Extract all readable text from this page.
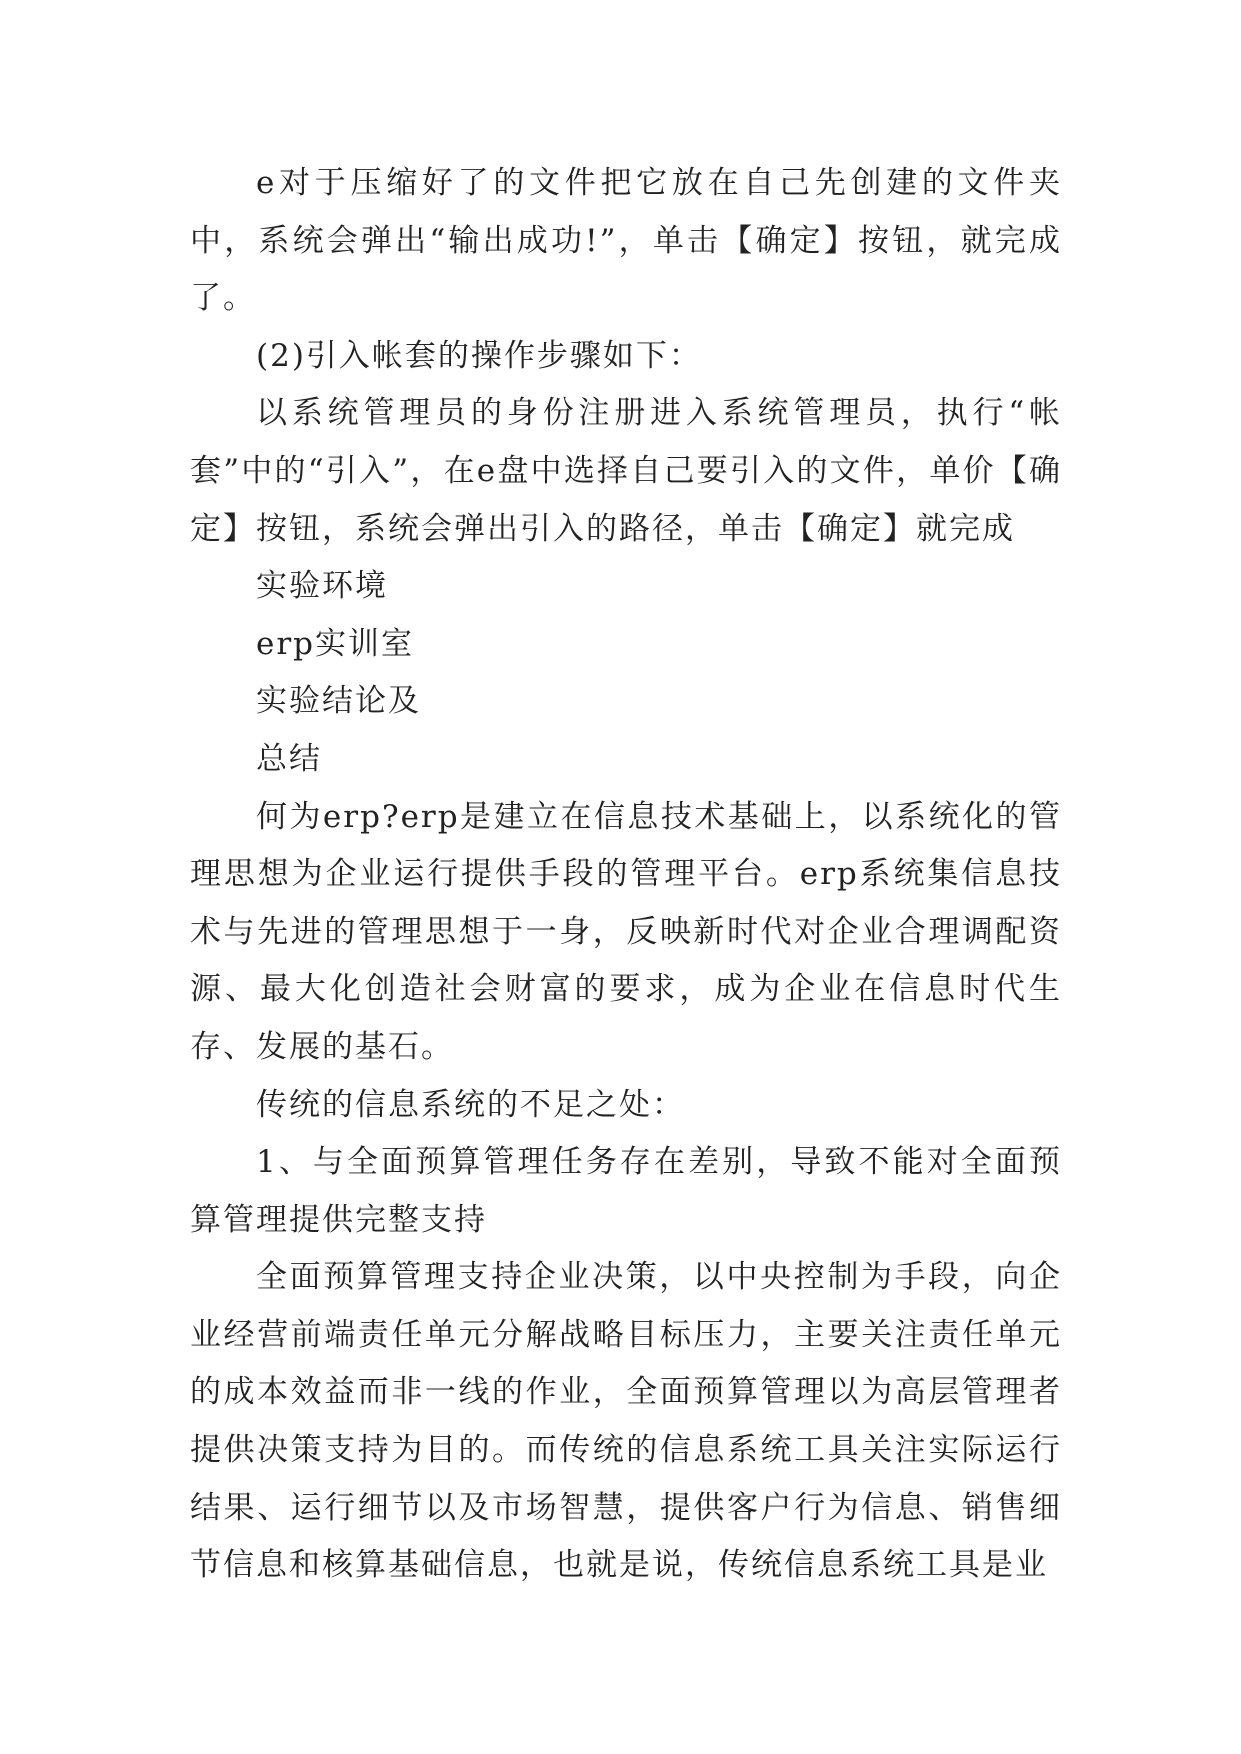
e对于压缩好了的文件把它放在自己先创建的文件夹中，系统会弹出“输出成功!”，单击【确定】按钮，就完成了。

(2)引入帐套的操作步骤如下：

以系统管理员的身份注册进入系统管理员，执行“帐套”中的“引入”，在e盘中选择自己要引入的文件，单价【确定】按钮，系统会弹出引入的路径，单击【确定】就完成

实验环境

erp实训室

实验结论及

总结

何为erp?erp是建立在信息技术基础上，以系统化的管理思想为企业运行提供手段的管理平台。erp系统集信息技术与先进的管理思想于一身，反映新时代对企业合理调配资源、最大化创造社会财富的要求，成为企业在信息时代生存、发展的基石。

传统的信息系统的不足之处：

1、与全面预算管理任务存在差别，导致不能对全面预算管理提供完整支持

全面预算管理支持企业决策，以中央控制为手段，向企业经营前端责任单元分解战略目标压力，主要关注责任单元的成本效益而非一线的作业，全面预算管理以为高层管理者提供决策支持为目的。而传统的信息系统工具关注实际运行结果、运行细节以及市场智慧，提供客户行为信息、销售细节信息和核算基础信息，也就是说，传统信息系统工具是业
